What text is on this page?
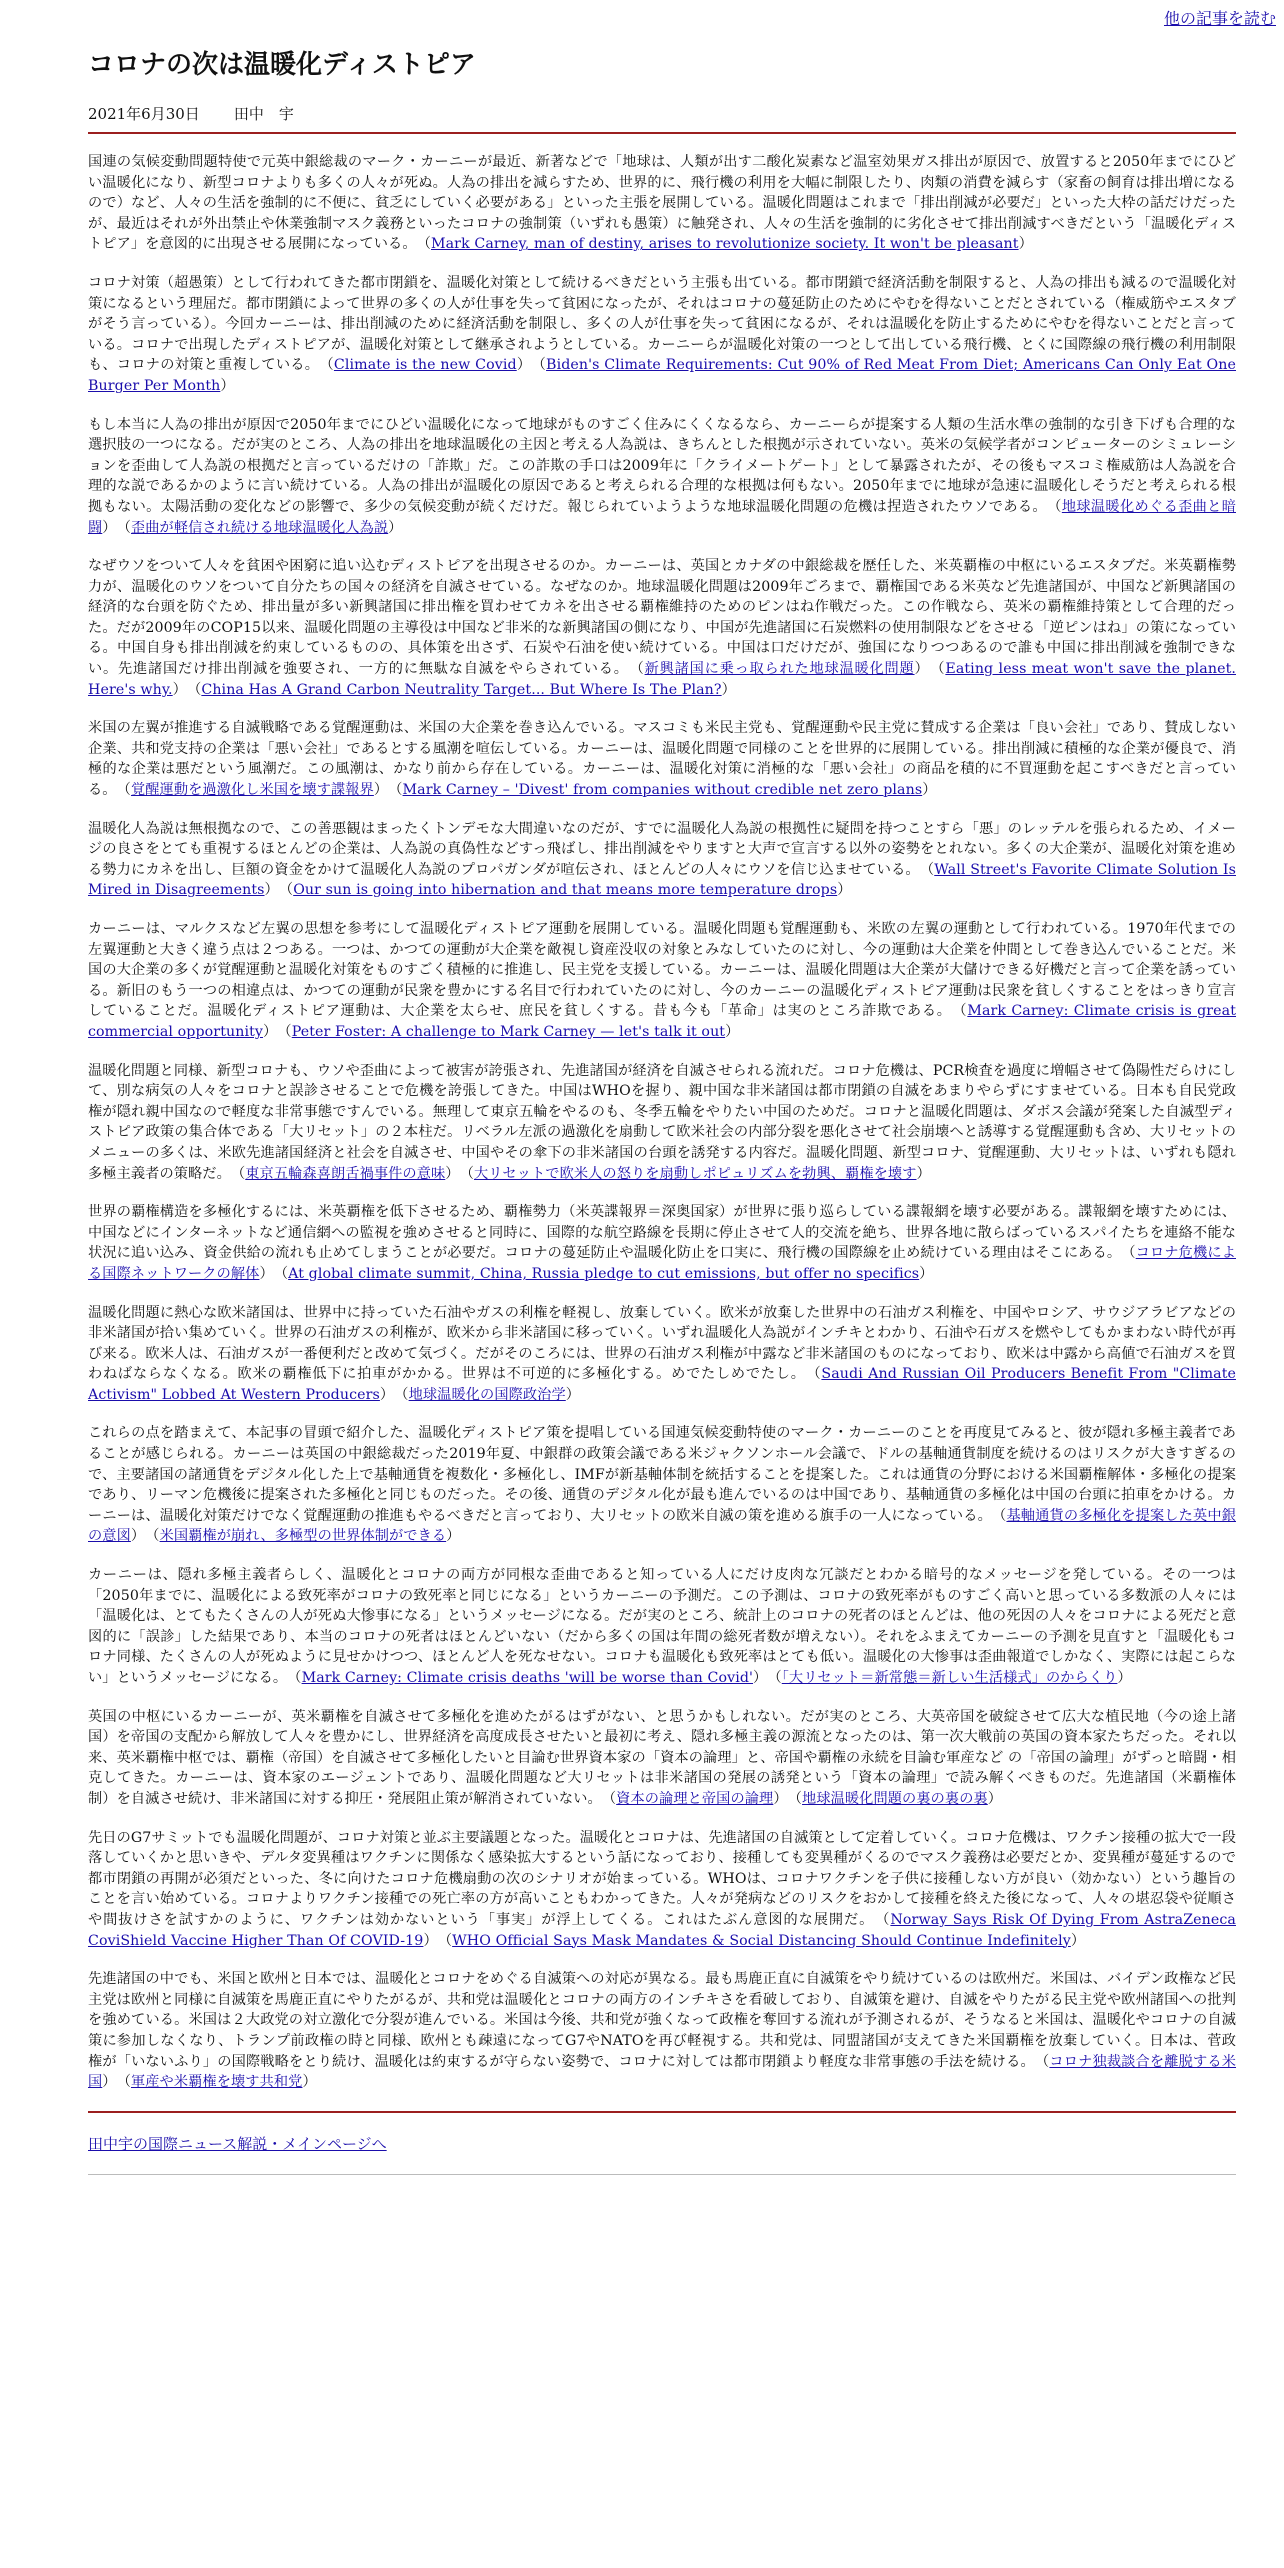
他の記事を読む
コロナの次は温暖化ディストピア
2021年6月30日 田中　宇

国連の気候変動問題特使で元英中銀総裁のマーク・カーニーが最近、新著などで「地球は、人類が出す二酸化炭素など温室効果ガス排出が原因で、放置すると2050年までにひどい温暖化になり、新型コロナよりも多くの人々が死ぬ。人為の排出を減らすため、世界的に、飛行機の利用を大幅に制限したり、肉類の消費を減らす（家畜の飼育は排出増になるので）など、人々の生活を強制的に不便に、貧乏にしていく必要がある」といった主張を展開している。温暖化問題はこれまで「排出削減が必要だ」といった大枠の話だけだったが、最近はそれが外出禁止や休業強制マスク義務といったコロナの強制策（いずれも愚策）に触発され、人々の生活を強制的に劣化させて排出削減すべきだという「温暖化ディストピア」を意図的に出現させる展開になっている。　（Mark Carney, man of destiny, arises to revolutionize society. It won't be pleasant）

コロナ対策（超愚策）として行われてきた都市閉鎖を、温暖化対策として続けるべきだという主張も出ている。都市閉鎖で経済活動を制限すると、人為の排出も減るので温暖化対策になるという理屈だ。都市閉鎖によって世界の多くの人が仕事を失って貧困になったが、それはコロナの蔓延防止のためにやむを得ないことだとされている（権威筋やエスタブがそう言っている）。今回カーニーは、排出削減のために経済活動を制限し、多くの人が仕事を失って貧困になるが、それは温暖化を防止するためにやむを得ないことだと言っている。コロナで出現したディストピアが、温暖化対策として継承されようとしている。カーニーらが温暖化対策の一つとして出している飛行機、とくに国際線の飛行機の利用制限も、コロナの対策と重複している。　（Climate is the new Covid）　（Biden's Climate Requirements: Cut 90% of Red Meat From Diet; Americans Can Only Eat One Burger Per Month）

もし本当に人為の排出が原因で2050年までにひどい温暖化になって地球がものすごく住みにくくなるなら、カーニーらが提案する人類の生活水準の強制的な引き下げも合理的な選択肢の一つになる。だが実のところ、人為の排出を地球温暖化の主因と考える人為説は、きちんとした根拠が示されていない。英米の気候学者がコンピューターのシミュレーションを歪曲して人為説の根拠だと言っているだけの「詐欺」だ。この詐欺の手口は2009年に「クライメートゲート」として暴露されたが、その後もマスコミ権威筋は人為説を合理的な説であるかのように言い続けている。人為の排出が温暖化の原因であると考えられる合理的な根拠は何もない。2050年までに地球が急速に温暖化しそうだと考えられる根拠もない。太陽活動の変化などの影響で、多少の気候変動が続くだけだ。報じられていようような地球温暖化問題の危機は捏造されたウソである。　（地球温暖化めぐる歪曲と暗闘）　（歪曲が軽信され続ける地球温暖化人為説）

なぜウソをついて人々を貧困や困窮に追い込むディストピアを出現させるのか。カーニーは、英国とカナダの中銀総裁を歴任した、米英覇権の中枢にいるエスタブだ。米英覇権勢力が、温暖化のウソをついて自分たちの国々の経済を自滅させている。なぜなのか。地球温暖化問題は2009年ごろまで、覇権国である米英など先進諸国が、中国など新興諸国の経済的な台頭を防ぐため、排出量が多い新興諸国に排出権を買わせてカネを出させる覇権維持のためのピンはね作戦だった。この作戦なら、英米の覇権維持策として合理的だった。だが2009年のCOP15以来、温暖化問題の主導役は中国など非米的な新興諸国の側になり、中国が先進諸国に石炭燃料の使用制限などをさせる「逆ピンはね」の策になっている。中国自身も排出削減を約束しているものの、具体策を出さず、石炭や石油を使い続けている。中国は口だけだが、強国になりつつあるので誰も中国に排出削減を強制できない。先進諸国だけ排出削減を強要され、一方的に無駄な自滅をやらされている。　（新興諸国に乗っ取られた地球温暖化問題）　（Eating less meat won't save the planet. Here's why.）　（China Has A Grand Carbon Neutrality Target... But Where Is The Plan?）

米国の左翼が推進する自滅戦略である覚醒運動は、米国の大企業を巻き込んでいる。マスコミも米民主党も、覚醒運動や民主党に賛成する企業は「良い会社」であり、賛成しない企業、共和党支持の企業は「悪い会社」であるとする風潮を喧伝している。カーニーは、温暖化問題で同様のことを世界的に展開している。排出削減に積極的な企業が優良で、消極的な企業は悪だという風潮だ。この風潮は、かなり前から存在している。カーニーは、温暖化対策に消極的な「悪い会社」の商品を積的に不買運動を起こすべきだと言っている。　（覚醒運動を過激化し米国を壊す諜報界）　（Mark Carney – 'Divest' from companies without credible net zero plans）

温暖化人為説は無根拠なので、この善悪観はまったくトンデモな大間違いなのだが、すでに温暖化人為説の根拠性に疑問を持つことすら「悪」のレッテルを張られるため、イメージの良さをとても重視するほとんどの企業は、人為説の真偽性などすっ飛ばし、排出削減をやりますと大声で宣言する以外の姿勢をとれない。多くの大企業が、温暖化対策を進める勢力にカネを出し、巨額の資金をかけて温暖化人為説のプロパガンダが喧伝され、ほとんどの人々にウソを信じ込ませている。　（Wall Street's Favorite Climate Solution Is Mired in Disagreements）　（Our sun is going into hibernation and that means more temperature drops）

カーニーは、マルクスなど左翼の思想を参考にして温暖化ディストピア運動を展開している。温暖化問題も覚醒運動も、米欧の左翼の運動として行われている。1970年代までの左翼運動と大きく違う点は２つある。一つは、かつての運動が大企業を敵視し資産没収の対象とみなしていたのに対し、今の運動は大企業を仲間として巻き込んでいることだ。米国の大企業の多くが覚醒運動と温暖化対策をものすごく積極的に推進し、民主党を支援している。カーニーは、温暖化問題は大企業が大儲けできる好機だと言って企業を誘っている。新旧のもう一つの相違点は、かつての運動が民衆を豊かにする名目で行われていたのに対し、今のカーニーの温暖化ディストピア運動は民衆を貧しくすることをはっきり宣言していることだ。温暖化ディストピア運動は、大企業を太らせ、庶民を貧しくする。昔も今も「革命」は実のところ詐欺である。　（Mark Carney: Climate crisis is great commercial opportunity）　（Peter Foster: A challenge to Mark Carney — let's talk it out）

温暖化問題と同様、新型コロナも、ウソや歪曲によって被害が誇張され、先進諸国が経済を自滅させられる流れだ。コロナ危機は、PCR検査を過度に増幅させて偽陽性だらけにして、別な病気の人々をコロナと誤診させることで危機を誇張してきた。中国はWHOを握り、親中国な非米諸国は都市閉鎖の自滅をあまりやらずにすませている。日本も自民党政権が隠れ親中国なので軽度な非常事態ですんでいる。無理して東京五輪をやるのも、冬季五輪をやりたい中国のためだ。コロナと温暖化問題は、ダボス会議が発案した自滅型ディストピア政策の集合体である「大リセット」の２本柱だ。リベラル左派の過激化を扇動して欧米社会の内部分裂を悪化させて社会崩壊へと誘導する覚醒運動も含め、大リセットのメニューの多くは、米欧先進諸国経済と社会を自滅させ、中国やその傘下の非米諸国の台頭を誘発する内容だ。温暖化問題、新型コロナ、覚醒運動、大リセットは、いずれも隠れ多極主義者の策略だ。　（東京五輪森喜朗舌禍事件の意味）　（大リセットで欧米人の怒りを扇動しポピュリズムを勃興、覇権を壊す）

世界の覇権構造を多極化するには、米英覇権を低下させるため、覇権勢力（米英諜報界＝深奥国家）が世界に張り巡らしている諜報網を壊す必要がある。諜報網を壊すためには、中国などにインターネットなど通信網への監視を強めさせると同時に、国際的な航空路線を長期に停止させて人的交流を絶ち、世界各地に散らばっているスパイたちを連絡不能な状況に追い込み、資金供給の流れも止めてしまうことが必要だ。コロナの蔓延防止や温暖化防止を口実に、飛行機の国際線を止め続けている理由はそこにある。　（コロナ危機による国際ネットワークの解体）　（At global climate summit, China, Russia pledge to cut emissions, but offer no specifics）

温暖化問題に熱心な欧米諸国は、世界中に持っていた石油やガスの利権を軽視し、放棄していく。欧米が放棄した世界中の石油ガス利権を、中国やロシア、サウジアラビアなどの非米諸国が拾い集めていく。世界の石油ガスの利権が、欧米から非米諸国に移っていく。いずれ温暖化人為説がインチキとわかり、石油や石ガスを燃やしてもかまわない時代が再び来る。欧米人は、石油ガスが一番便利だと改めて気づく。だがそのころには、世界の石油ガス利権が中露など非米諸国のものになっており、欧米は中露から高値で石油ガスを買わねばならなくなる。欧米の覇権低下に拍車がかかる。世界は不可逆的に多極化する。めでたしめでたし。　（Saudi And Russian Oil Producers Benefit From "Climate Activism" Lobbed At Western Producers）　（地球温暖化の国際政治学）

これらの点を踏まえて、本記事の冒頭で紹介した、温暖化ディストピア策を提唱している国連気候変動特使のマーク・カーニーのことを再度見てみると、彼が隠れ多極主義者であることが感じられる。カーニーは英国の中銀総裁だった2019年夏、中銀群の政策会議である米ジャクソンホール会議で、ドルの基軸通貨制度を続けるのはリスクが大きすぎるので、主要諸国の諸通貨をデジタル化した上で基軸通貨を複数化・多極化し、IMFが新基軸体制を統括することを提案した。これは通貨の分野における米国覇権解体・多極化の提案であり、リーマン危機後に提案された多極化と同じものだった。その後、通貨のデジタル化が最も進んでいるのは中国であり、基軸通貨の多極化は中国の台頭に拍車をかける。カーニーは、温暖化対策だけでなく覚醒運動の推進もやるべきだと言っており、大リセットの欧米自滅の策を進める旗手の一人になっている。　（基軸通貨の多極化を提案した英中銀の意図）　（米国覇権が崩れ、多極型の世界体制ができる）

カーニーは、隠れ多極主義者らしく、温暖化とコロナの両方が同根な歪曲であると知っている人にだけ皮肉な冗談だとわかる暗号的なメッセージを発している。その一つは「2050年までに、温暖化による致死率がコロナの致死率と同じになる」というカーニーの予測だ。この予測は、コロナの致死率がものすごく高いと思っている多数派の人々には「温暖化は、とてもたくさんの人が死ぬ大惨事になる」というメッセージになる。だが実のところ、統計上のコロナの死者のほとんどは、他の死因の人々をコロナによる死だと意図的に「誤診」した結果であり、本当のコロナの死者はほとんどいない（だから多くの国は年間の総死者数が増えない）。それをふまえてカーニーの予測を見直すと「温暖化もコロナ同様、たくさんの人が死ぬように見せかけつつ、ほとんど人を死なせない。コロナも温暖化も致死率はとても低い。温暖化の大惨事は歪曲報道でしかなく、実際には起こらない」というメッセージになる。　（Mark Carney: Climate crisis deaths 'will be worse than Covid'）　（「大リセット＝新常態＝新しい生活様式」のからくり）

英国の中枢にいるカーニーが、英米覇権を自滅させて多極化を進めたがるはずがない、と思うかもしれない。だが実のところ、大英帝国を破綻させて広大な植民地（今の途上諸国）を帝国の支配から解放して人々を豊かにし、世界経済を高度成長させたいと最初に考え、隠れ多極主義の源流となったのは、第一次大戦前の英国の資本家たちだった。それ以来、英米覇権中枢では、覇権（帝国）を自滅させて多極化したいと目論む世界資本家の「資本の論理」と、帝国や覇権の永続を目論む軍産など の「帝国の論理」がずっと暗闘・相克してきた。カーニーは、資本家のエージェントであり、温暖化問題など大リセットは非米諸国の発展の誘発という「資本の論理」で読み解くべきものだ。先進諸国（米覇権体制）を自滅させ続け、非米諸国に対する抑圧・発展阻止策が解消されていない。　（資本の論理と帝国の論理）　（地球温暖化問題の裏の裏の裏）

先日のG7サミットでも温暖化問題が、コロナ対策と並ぶ主要議題となった。温暖化とコロナは、先進諸国の自滅策として定着していく。コロナ危機は、ワクチン接種の拡大で一段落していくかと思いきや、デルタ変異種はワクチンに関係なく感染拡大するという話になっており、接種しても変異種がくるのでマスク義務は必要だとか、変異種が蔓延するので都市閉鎖の再開が必須だといった、冬に向けたコロナ危機扇動の次のシナリオが始まっている。WHOは、コロナワクチンを子供に接種しない方が良い（効かない）という趣旨のことを言い始めている。コロナよりワクチン接種での死亡率の方が高いこともわかってきた。人々が発病などのリスクをおかして接種を終えた後になって、人々の堪忍袋や従順さや間抜けさを試すかのように、ワクチンは効かないという「事実」が浮上してくる。これはたぶん意図的な展開だ。　（Norway Says Risk Of Dying From AstraZeneca CoviShield Vaccine Higher Than Of COVID-19）　（WHO Official Says Mask Mandates & Social Distancing Should Continue Indefinitely）

先進諸国の中でも、米国と欧州と日本では、温暖化とコロナをめぐる自滅策への対応が異なる。最も馬鹿正直に自滅策をやり続けているのは欧州だ。米国は、バイデン政権など民主党は欧州と同様に自滅策を馬鹿正直にやりたがるが、共和党は温暖化とコロナの両方のインチキさを看破しており、自滅策を避け、自滅をやりたがる民主党や欧州諸国への批判を強めている。米国は２大政党の対立激化で分裂が進んでいる。米国は今後、共和党が強くなって政権を奪回する流れが予測されるが、そうなると米国は、温暖化やコロナの自滅策に参加しなくなり、トランプ前政権の時と同様、欧州とも疎遠になってG7やNATOを再び軽視する。共和党は、同盟諸国が支えてきた米国覇権を放棄していく。日本は、菅政権が「いないふり」の国際戦略をとり続け、温暖化は約束するが守らない姿勢で、コロナに対しては都市閉鎖より軽度な非常事態の手法を続ける。　（コロナ独裁談合を離脱する米国）　（軍産や米覇権を壊す共和党）

田中宇の国際ニュース解説・メインページへ
